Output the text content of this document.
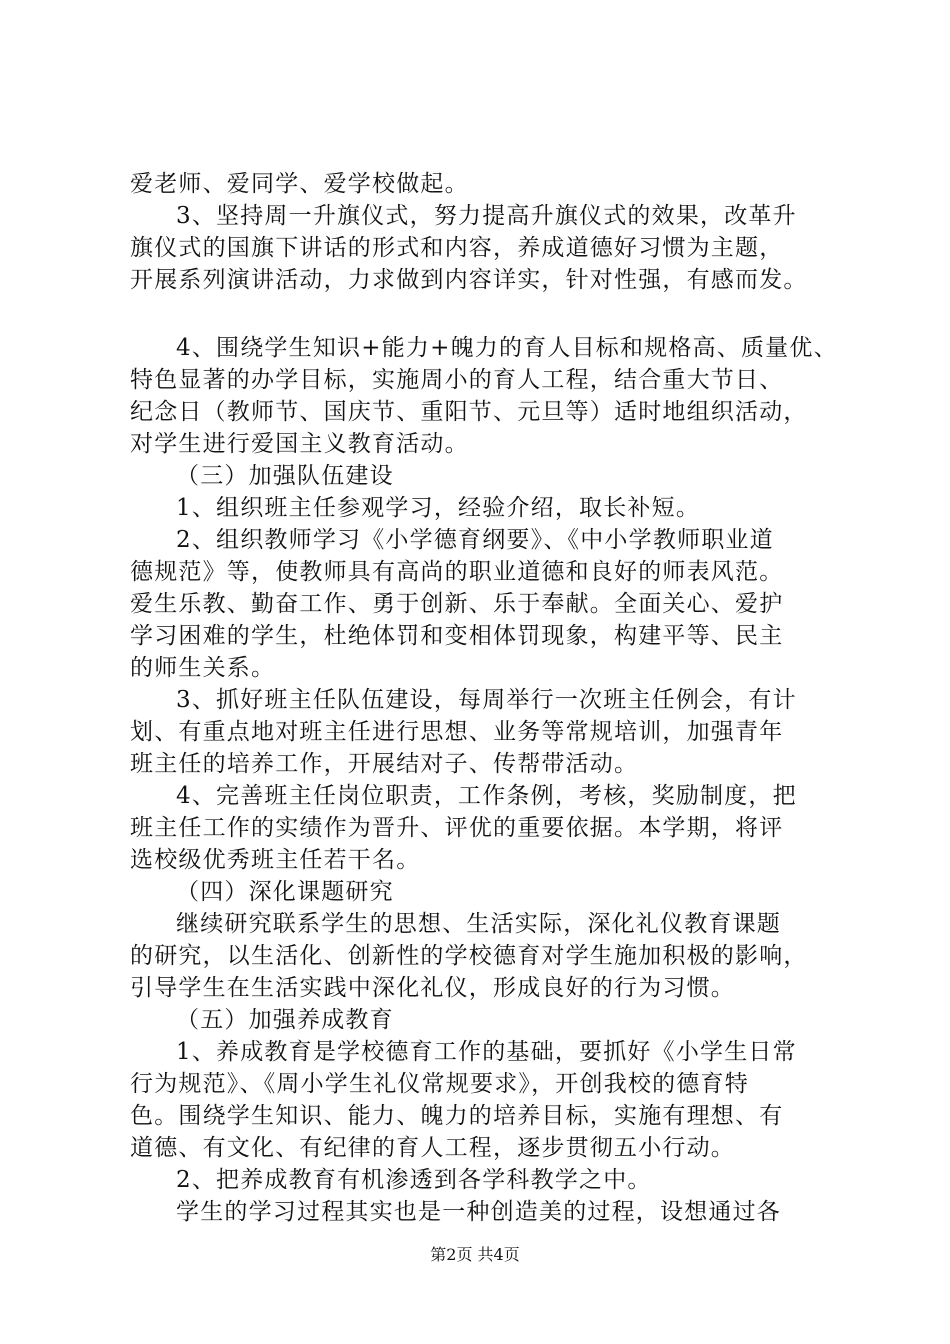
爱老师、爱同学、爱学校做起。
3、坚持周一升旗仪式，努力提高升旗仪式的效果，改革升
旗仪式的国旗下讲话的形式和内容，养成道德好习惯为主题，
开展系列演讲活动，力求做到内容详实，针对性强，有感而发。
4、围绕学生知识+能力+魄力的育人目标和规格高、质量优、
特色显著的办学目标，实施周小的育人工程，结合重大节日、
纪念日（教师节、国庆节、重阳节、元旦等）适时地组织活动，
对学生进行爱国主义教育活动。
（三）加强队伍建设
1、组织班主任参观学习，经验介绍，取长补短。
2、组织教师学习《小学德育纲要》、《中小学教师职业道
德规范》等，使教师具有高尚的职业道德和良好的师表风范。
爱生乐教、勤奋工作、勇于创新、乐于奉献。全面关心、爱护
学习困难的学生，杜绝体罚和变相体罚现象，构建平等、民主
的师生关系。
3、抓好班主任队伍建设，每周举行一次班主任例会，有计
划、有重点地对班主任进行思想、业务等常规培训，加强青年
班主任的培养工作，开展结对子、传帮带活动。
4、完善班主任岗位职责，工作条例，考核，奖励制度，把
班主任工作的实绩作为晋升、评优的重要依据。本学期，将评
选校级优秀班主任若干名。
（四）深化课题研究
继续研究联系学生的思想、生活实际，深化礼仪教育课题
的研究，以生活化、创新性的学校德育对学生施加积极的影响，
引导学生在生活实践中深化礼仪，形成良好的行为习惯。
（五）加强养成教育
1、养成教育是学校德育工作的基础，要抓好《小学生日常
行为规范》、《周小学生礼仪常规要求》，开创我校的德育特
色。围绕学生知识、能力、魄力的培养目标，实施有理想、有
道德、有文化、有纪律的育人工程，逐步贯彻五小行动。
2、把养成教育有机渗透到各学科教学之中。
学生的学习过程其实也是一种创造美的过程，设想通过各
第2页 共4页
